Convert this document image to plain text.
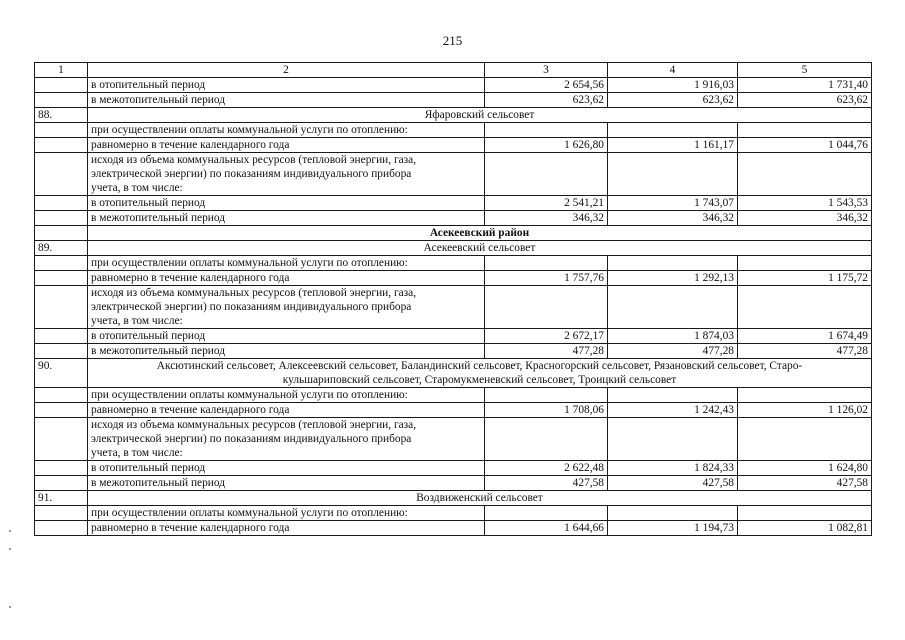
215
1	2	3	4	5
	в отопительный период	2 654,56	1 916,03	1 731,40
	в межотопительный период	623,62	623,62	623,62
88.	Яфаровский сельсовет			
	при осуществлении оплаты коммунальной услуги по отоплению:			
	равномерно в течение календарного года	1 626,80	1 161,17	1 044,76

	исходя из объема коммунальных ресурсов (тепловой энергии, газа,
электрической энергии) по показаниям индивидуального прибора
учета, в том числе:			

	в отопительный период	2 541,21	1 743,07	1 543,53
	в межотопительный период	346,32	346,32	346,32
	Асекеевский район			
89.	Асекеевский сельсовет			
	при осуществлении оплаты коммунальной услуги по отоплению:			
	равномерно в течение календарного года	1 757,76	1 292,13	1 175,72

	исходя из объема коммунальных ресурсов (тепловой энергии, газа,
электрической энергии) по показаниям индивидуального прибора
учета, в том числе:			

	в отопительный период	2 672,17	1 874,03	1 674,49
	в межотопительный период	477,28	477,28	477,28
90.	Аксютинский сельсовет, Алексеевский сельсовет, Баландинский сельсовет, Красногорский сельсовет, Рязановский сельсовет, Старо-
кульшариповский сельсовет, Старомукменевский сельсовет, Троицкий сельсовет			

	при осуществлении оплаты коммунальной услуги по отоплению:			
	равномерно в течение календарного года	1 708,06	1 242,43	1 126,02

	исходя из объема коммунальных ресурсов (тепловой энергии, газа,
электрической энергии) по показаниям индивидуального прибора
учета, в том числе:			

	в отопительный период	2 622,48	1 824,33	1 624,80
	в межотопительный период	427,58	427,58	427,58
91.	Воздвиженский сельсовет			
	при осуществлении оплаты коммунальной услуги по отоплению:			
	равномерно в течение календарного года	1 644,66	1 194,73	1 082,81
